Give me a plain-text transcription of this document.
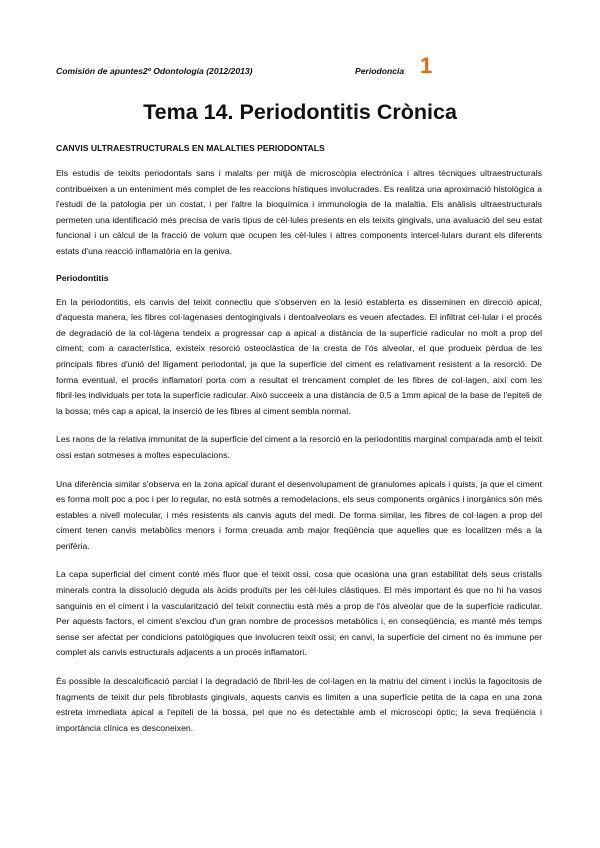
Comisión de apuntes2º Odontología (2012/2013)	Periodoncia 1
Tema 14. Periodontitis Crònica
CANVIS ULTRAESTRUCTURALS EN MALALTIES PERIODONTALS

Els estudis de teixits periodontals sans i malalts per mitjà de microscòpia electrònica i altres tècniques ultraestructurals contribueixen a un enteniment més complet de les reaccions hístiques involucrades. Es realitza una aproximació histològica a l'estudi de la patologia per un costat, i per l'altre la bioquímica i immunologia de la malaltia. Els anàlisis ultraestructurals permeten una identificació més precisa de varis tipus de cèl·lules presents en els teixits gingivals, una avaluació del seu estat funcional i un càlcul de la fracció de volum que ocupen les cèl·lules i altres components intercel·lulars durant els diferents estats d'una reacció inflamatòria en la geniva.

Periodontitis

En la periodontitis, els canvis del teixit connectiu que s'observen en la lesió establerta es disseminen en direcció apical, d'aquesta manera, les fibres col·lagenases dentogingivals i dentoalveolars es veuen afectades. El infiltrat cel·lular i el procés de degradació de la col·làgena tendeix a progressar cap a apical a distància de la superfície radicular no molt a prop del ciment; com a característica, existeix resorció osteoclàstica de la cresta de l'ós alveolar, el que produeix pèrdua de les principals fibres d'unió del lligament periodontal, ja que la superfície del ciment es relativament resistent a la resorció. De forma eventual, el procés inflamatori porta com a resultat el trencament complet de les fibres de col·lagen, així com les fibril·les individuals per tota la superfície radicular. Això succeeix a una distància de 0.5 a 1mm apical de la base de l'epiteli de la bossa; més cap a apical, la inserció de les fibres al ciment sembla normal.

Les raons de la relativa immunitat de la superfície del ciment a la resorció en la periodontitis marginal comparada amb el teixit ossi estan sotmeses a moltes especulacions.

Una diferència similar s'observa en la zona apical durant el desenvolupament de granulomes apicals i quists, ja que el ciment es forma molt poc a poc i per lo regular, no està sotmès a remodelacions, els seus components orgànics i inorgànics són més estables a nivell molecular, i més resistents als canvis aguts del medi. De forma similar, les fibres de col·lagen a prop del ciment tenen canvis metabòlics menors i forma creuada amb major freqüència que aquelles que es localitzen més a la perifèria.

La capa superficial del ciment conté més fluor que el teixit ossi, cosa que ocasiona una gran estabilitat dels seus cristalls minerals contra la dissolució deguda als àcids produïts per les cèl·lules clàstiques. El més important és que no hi ha vasos sanguinis en el ciment i la vascularització del teixit connectiu està més a prop de l'ós alveolar que de la superfície radicular. Per aquests factors, el ciment s'exclou d'un gran nombre de processos metabòlics i, en conseqüència, es manté més temps sense ser afectat per condicions patològiques que involucren teixit ossi; en canvi, la superfície del ciment no és immune per complet als canvis estructurals adjacents a un procés inflamatori.

És possible la descalcificació parcial i la degradació de fibril·les de col·lagen en la matriu del ciment i inclús la fagocitosis de fragments de teixit dur pels fibroblasts gingivals, aquests canvis es limiten a una superfície petita de la capa en una zona estreta immediata apical a l'epiteli de la bossa, pel que no és detectable amb el microscopi òptic; la seva freqüència i importància clínica es desconeixen.
